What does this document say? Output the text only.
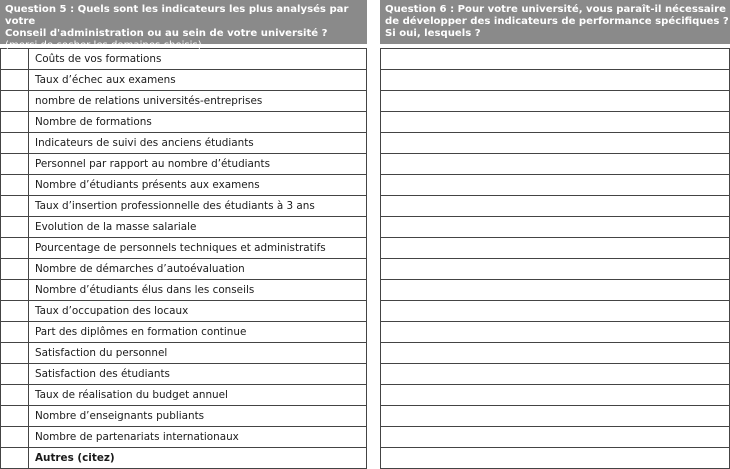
Question 5 : Quels sont les indicateurs les plus analysés par votre
Conseil d'administration ou au sein de votre université ?
(merci de cocher les domaines choisis)
Coûts de vos formations
Taux d’échec aux examens
nombre de relations universités-entreprises
Nombre de formations
Indicateurs de suivi des anciens étudiants
Personnel par rapport au nombre d’étudiants
Nombre d’étudiants présents aux examens
Taux d’insertion professionnelle des étudiants à 3 ans
Evolution de la masse salariale
Pourcentage de personnels techniques et administratifs
Nombre de démarches d’autoévaluation
Nombre d’étudiants élus dans les conseils
Taux d’occupation des locaux
Part des diplômes en formation continue
Satisfaction du personnel
Satisfaction des étudiants
Taux de réalisation du budget annuel
Nombre d’enseignants publiants
Nombre de partenariats internationaux
Autres (citez)
Question 6 : Pour votre université, vous paraît-il nécessaire
de développer des indicateurs de performance spécifiques ?
Si oui, lesquels ?
